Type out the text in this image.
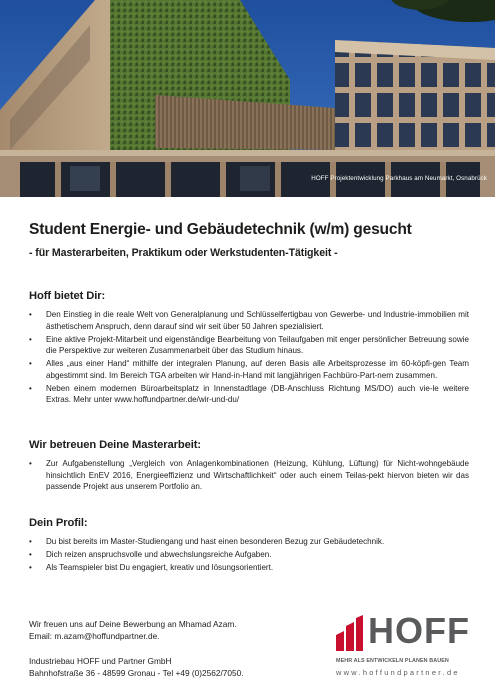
HOFF Projektentwicklung Parkhaus am Neumarkt, Osnabrück
Student Energie- und Gebäudetechnik (w/m) gesucht
- für Masterarbeiten, Praktikum oder Werkstudenten-Tätigkeit -
Hoff bietet Dir:
• Den Einstieg in die reale Welt von Generalplanung und Schlüsselfertigbau von Gewerbe- und Industrie-immobilien mit ästhetischem Anspruch, denn darauf sind wir seit über 50 Jahren spezialisiert.
• Eine aktive Projekt-Mitarbeit und eigenständige Bearbeitung von Teilaufgaben mit enger persönlicher Betreuung sowie die Perspektive zur weiteren Zusammenarbeit über das Studium hinaus.
• Alles „aus einer Hand“ mithilfe der integralen Planung, auf deren Basis alle Arbeitsprozesse im 60-köpfi-gen Team abgestimmt sind. Im Bereich TGA arbeiten wir Hand-in-Hand mit langjährigen Fachbüro-Part-nern zusammen.
• Neben einem modernen Büroarbeitsplatz in Innenstadtlage (DB-Anschluss Richtung MS/DO) auch vie-le weitere Extras. Mehr unter www.hoffundpartner.de/wir-und-du/
Wir betreuen Deine Masterarbeit:
• Zur Aufgabenstellung „Vergleich von Anlagenkombinationen (Heizung, Kühlung, Lüftung) für Nicht-wohngebäude hinsichtlich EnEV 2016, Energieeffizienz und Wirtschaftlichkeit“ oder auch einem Teilas-pekt hiervon bieten wir das passende Projekt aus unserem Portfolio an.
Dein Profil:
• Du bist bereits im Master-Studiengang und hast einen besonderen Bezug zur Gebäudetechnik.
• Dich reizen anspruchsvolle und abwechslungsreiche Aufgaben.
• Als Teamspieler bist Du engagiert, kreativ und lösungsorientiert.
Wir freuen uns auf Deine Bewerbung an Mhamad Azam.
Email: m.azam@hoffundpartner.de.
Industriebau HOFF und Partner GmbH
Bahnhofstraße 36 - 48599 Gronau - Tel +49 (0)2562/7050.
HOFF
MEHR ALS ENTWICKELN PLANEN BAUEN
www.hoffundpartner.de
